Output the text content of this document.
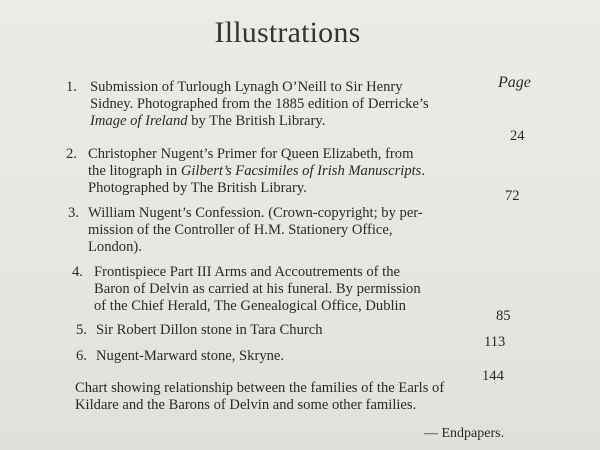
Illustrations
Page
1. Submission of Turlough Lynagh O’Neill to Sir Henry
Sidney. Photographed from the 1885 edition of Derricke’s
Image of Ireland by The British Library.
24
2. Christopher Nugent’s Primer for Queen Elizabeth, from
the litograph in Gilbert’s Facsimiles of Irish Manuscripts.
Photographed by The British Library.	72
3. William Nugent’s Confession. (Crown-copyright; by per-
mission of the Controller of H.M. Stationery Office,
London).
4. Frontispiece Part III Arms and Accoutrements of the
Baron of Delvin as carried at his funeral. By permission
of the Chief Herald, The Genealogical Office, Dublin
85
5. Sir Robert Dillon stone in Tara Church
113
6. Nugent-Marward stone, Skryne.
144
Chart showing relationship between the families of the Earls of
Kildare and the Barons of Delvin and some other families.
— Endpapers.
